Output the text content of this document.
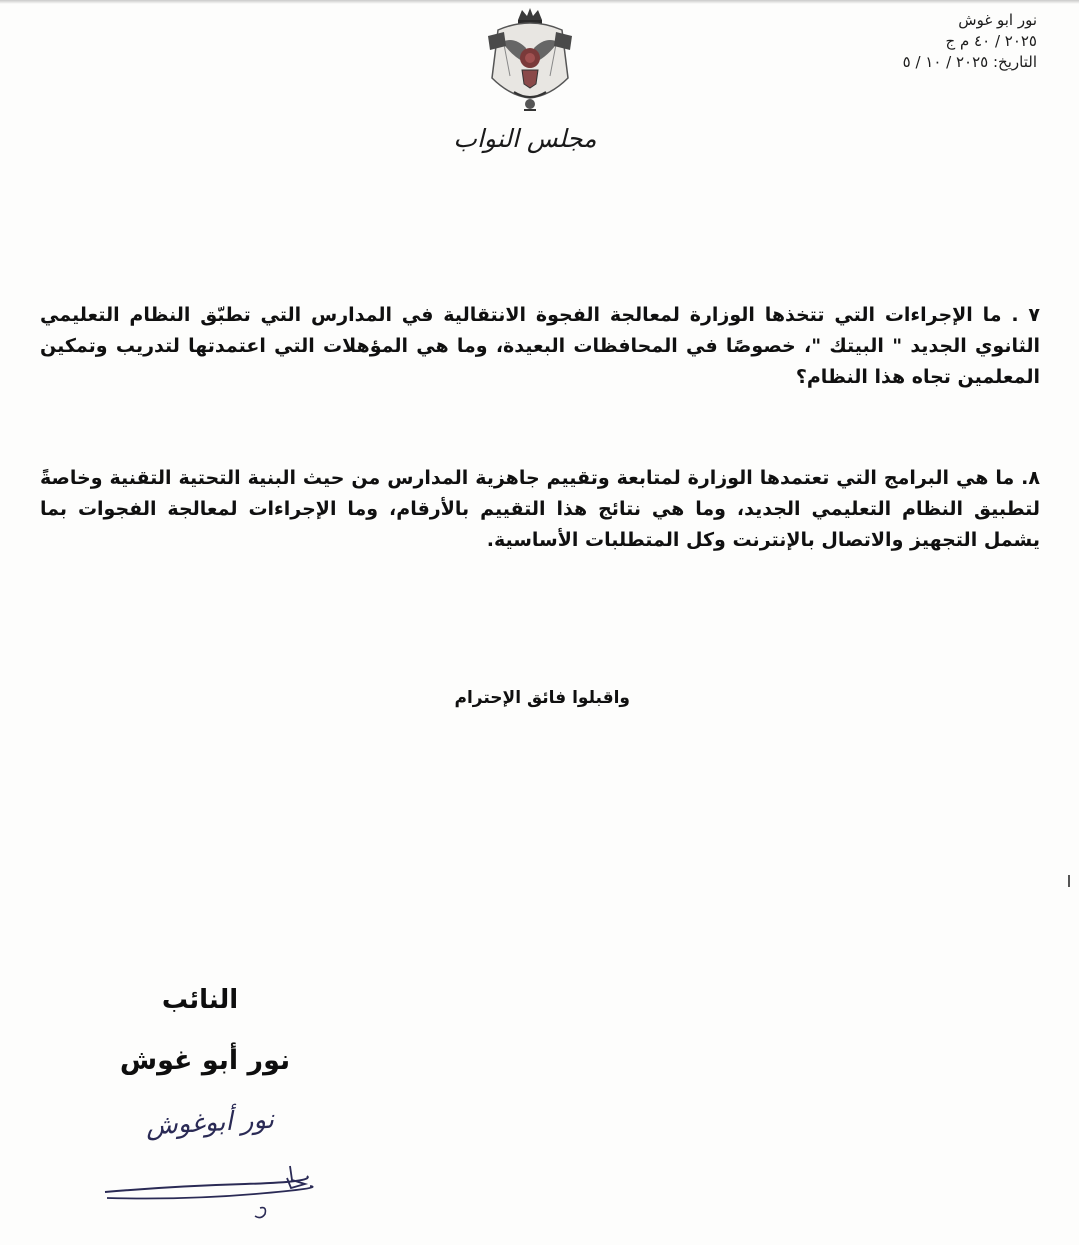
نور ابو غوش
٢٠٢٥ / ٤٠ م ج
التاريخ: ٢٠٢٥ / ١٠ / ٥
مجلس النواب
٧ . ما الإجراءات التي تتخذها الوزارة لمعالجة الفجوة الانتقالية في المدارس التي تطبّق النظام التعليمي الثانوي الجديد " البيتك "، خصوصًا في المحافظات البعيدة، وما هي المؤهلات التي اعتمدتها لتدريب وتمكين المعلمين تجاه هذا النظام؟
٨. ما هي البرامج التي تعتمدها الوزارة لمتابعة وتقييم جاهزية المدارس من حيث البنية التحتية التقنية وخاصةً لتطبيق النظام التعليمي الجديد، وما هي نتائج هذا التقييم بالأرقام، وما الإجراءات لمعالجة الفجوات بما يشمل التجهيز والاتصال بالإنترنت وكل المتطلبات الأساسية.
واقبلوا فائق الإحترام
النائب
نور أبو غوش
نور أبوغوش
